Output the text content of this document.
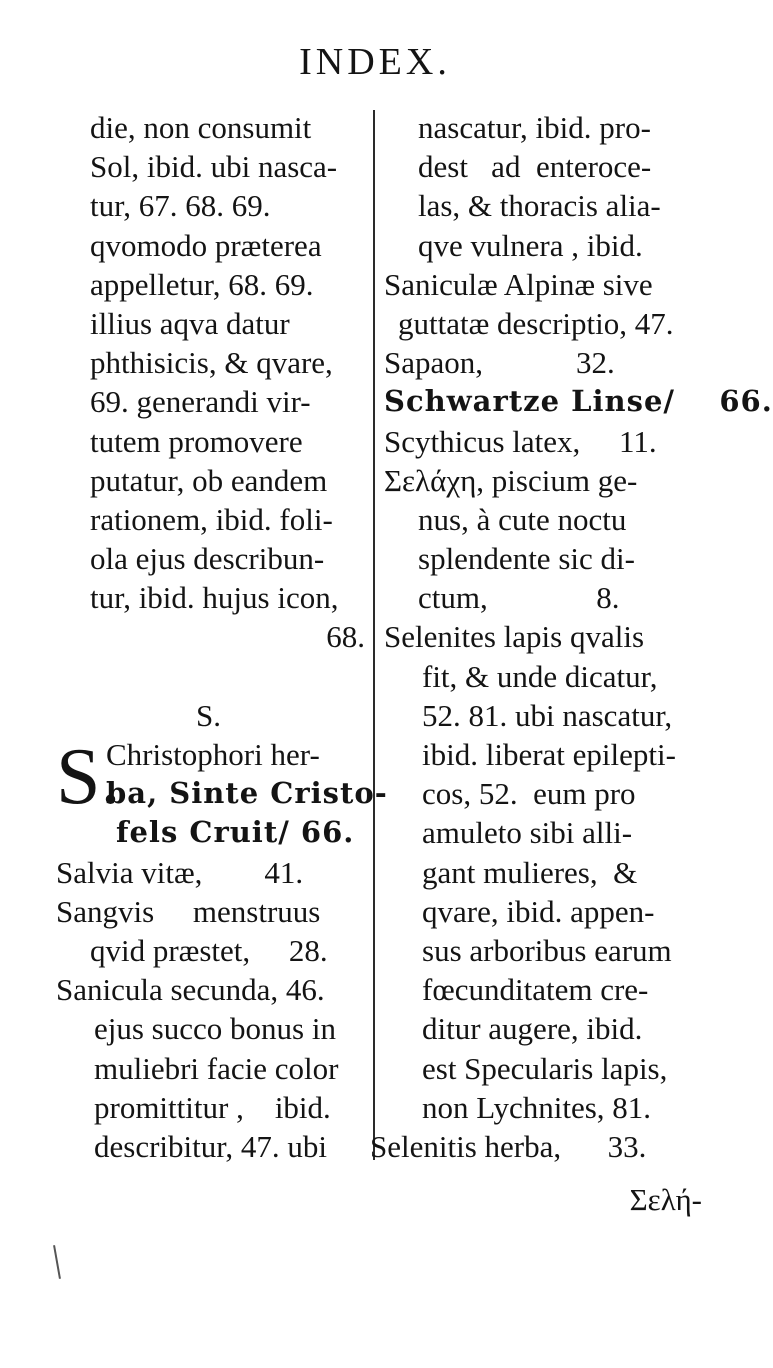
INDEX.
die, non consumit
Sol, ibid. ubi nasca-
tur, 67. 68. 69.
qvomodo præterea
appelletur, 68. 69.
illius aqva datur
phthisicis, & qvare,
69. generandi vir-
tutem promovere
putatur, ob eandem
rationem, ibid. foli-
ola ejus describun-
tur, ibid. hujus icon,
68.
S.
S.
Christophori her-
ba, Sinte Cristo-
fels Cruit/ 66.
Salvia vitæ,        41.
Sangvis     menstruus
qvid præstet,     28.
Sanicula secunda, 46.
ejus succo bonus in
muliebri facie color
promittitur ,    ibid.
describitur, 47. ubi
nascatur, ibid. pro-
dest   ad  enteroce-
las, & thoracis alia-
qve vulnera , ibid.
Saniculæ Alpinæ sive
guttatæ descriptio, 47.
Sapaon,            32.
Schwartze Linse/    66.
Scythicus latex,     11.
Σελάχη, piscium ge-
nus, à cute noctu
splendente sic di-
ctum,              8.
Selenites lapis qvalis
fit, & unde dicatur,
52. 81. ubi nascatur,
ibid. liberat epilepti-
cos, 52.  eum pro
amuleto sibi alli-
gant mulieres,  &
qvare, ibid. appen-
sus arboribus earum
fœcunditatem cre-
ditur augere, ibid.
est Specularis lapis,
non Lychnites, 81.
Selenitis herba,      33.
Σελή-
